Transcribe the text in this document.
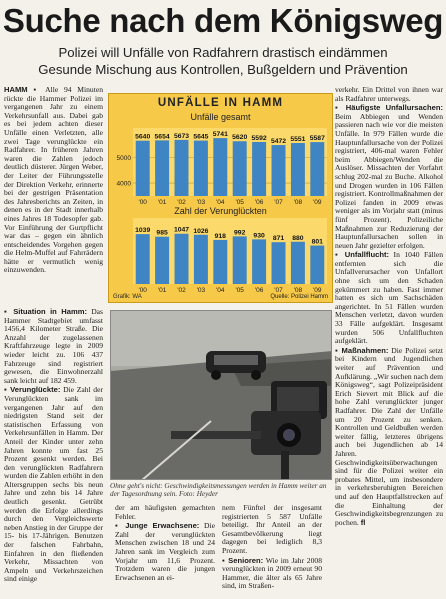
Suche nach dem Königsweg
Polizei will Unfälle von Radfahrern drastisch eindämmen
Gesunde Mischung aus Kontrollen, Bußgeldern und Prävention

HAMM ▪ Alle 94 Minuten rückte die Hammer Polizei im vergangenen Jahr zu einem Verkehrsunfall aus. Dabei gab es bei jedem achten dieser Unfälle einen Verletzten, alle zwei Tage verunglückte ein Radfahrer. In früheren Jahren waren die Zahlen jedoch deutlich düsterer. Jürgen Weber, der Leiter der Führungsstelle der Direktion Verkehr, erinnerte bei der gestrigen Präsentation des Jahresberichts an Zeiten, in denen es in der Stadt innerhalb eines Jahres 18 Todesopfer gab. Vor Einführung der Gurtpflicht war das – gegen ein ähnlich entscheidendes Vorgehen gegen die Helm-Muffel auf Fahrrädern hätte er vermutlich wenig einzuwenden.

▪ Situation in Hamm: Das Hammer Stadtgebiet umfasst 1456,4 Kilometer Straße. Die Anzahl der zugelassenen Kraftfahrzeuge legte in 2009 wieder leicht zu. 106 437 Fahrzeuge sind registriert gewesen, die Einwohnerzahl sank leicht auf 182 459.

▪ Verunglückte: Die Zahl der Verunglückten sank im vergangenen Jahr auf den niedrigsten Stand seit der statistischen Erfassung von Verkehrsunfällen in Hamm. Der Anteil der Kinder unter zehn Jahren konnte um fast 25 Prozent gesenkt werden. Bei den verunglückten Radfahrern wurden die Zahlen erhöht in den Altersgruppen sechs bis neun Jahre und zehn bis 14 Jahre deutlich gesenkt. Getrübt werden die Erfolge allerdings durch den Vergleichswerte neben Anstieg in der Gruppe der 15- bis 17-Jährigen. Benutzen der falschen Fahrbahn, Einfahren in den fließenden Verkehr, Missachten von Ampeln und Verkehrszeichen sind einige

UNFÄLLE IN HAMM
Unfälle gesamt
Zahl der Verunglückten
4000
5000
5640
'00
5654
'01
5673
'02
5645
'03
5741
'04
5620
'05
5592
'06
5472
'07
5551
'08
5587
'09
1039
'00
985
'01
1047
'02
1026
'03
918
'04
992
'05
930
'06
871
'07
880
'08
801
'09
Grafik: WA	Quelle: Polizei Hamm
Ohne geht's nicht: Geschwindigkeitsmessungen werden in Hamm weiter an der Tagesordnung sein. Foto: Heyder

der am häufigsten gemachten Fehler.

▪ Junge Erwachsene: Die Zahl der verunglückten Menschen zwischen 18 und 24 Jahren sank im Vergleich zum Vorjahr um 11,6 Prozent. Trotzdem waren die jungen Erwachsenen an ei-

nem Fünftel der insgesamt registrierten 5 587 Unfälle beteiligt. Ihr Anteil an der Gesamtbevölkerung liegt dagegen bei lediglich 8,3 Prozent.

▪ Senioren: Wie im Jahr 2008 verunglückten in 2009 erneut 90 Hammer, die älter als 65 Jahre sind, im Straßen-

verkehr. Ein Drittel von ihnen war als Radfahrer unterwegs.

▪ Häufigste Unfallursachen: Beim Abbiegen und Wenden passieren nach wie vor die meisten Unfälle. In 979 Fällen wurde die Hauptunfallursache von der Polizei registriert, 406-mal waren Fehler beim Abbiegen/Wenden die Auslöser. Missachten der Vorfahrt schlug 202-mal zu Buche. Alkohol und Drogen wurden in 106 Fällen registriert. Kontrollmaßnahmen der Polizei fanden in 2009 etwas weniger als im Vorjahr statt (minus fünf Prozent). Polizeiliche Maßnahmen zur Reduzierung der Hauptunfallursachen sollen in neuen Jahr gezielter erfolgen.

▪ Unfallflucht: In 1040 Fällen entfernten sich die Unfallverursacher von Unfallort ohne sich um den Schaden gekümmert zu haben. Fast immer hatten es sich um Sachschäden angerichtet. In 51 Fällen wurden Menschen verletzt, davon wurden 33 Fälle aufgeklärt. Insgesamt wurden 506 Unfallfluchten aufgeklärt.

▪ Maßnahmen: Die Polizei setzt bei Kindern und Jugendlichen weiter auf Prävention und Aufklärung. „Wir suchen nach dem Königsweg“, sagt Polizeipräsident Erich Sievert mit Blick auf die hohe Zahl verunglückter junger Radfahrer. Die Zahl der Unfälle um 20 Prozent zu senken. Kontrollen und Geldbußen werden weiter fällig, letzteres übrigens auch bei Jugendlichen ab 14 Jahren. Geschwindigkeitsüberwachungen sind für die Polizei weiter ein probates Mittel, um insbesondere in verkehrsberuhigten Bereichen und auf den Hauptfallstrecken auf die Einhaltung der Geschwindigkeitsbegrenzungen zu pochen. fl
